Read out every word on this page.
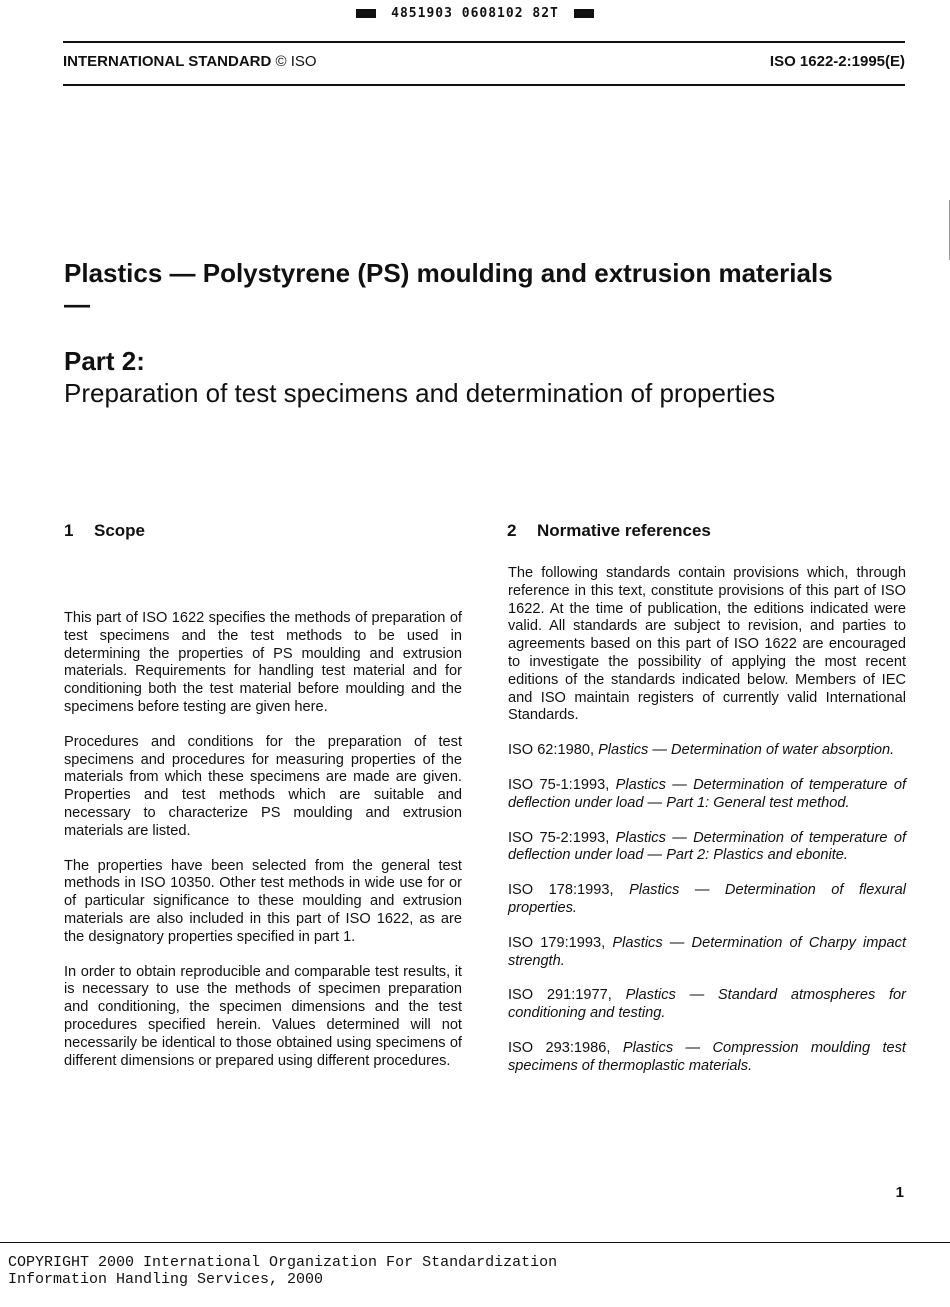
4851903 0608102 82T
INTERNATIONAL STANDARD © ISO	ISO 1622-2:1995(E)
Plastics — Polystyrene (PS) moulding and extrusion materials —
Part 2:
Preparation of test specimens and determination of properties
1 Scope

This part of ISO 1622 specifies the methods of preparation of test specimens and the test methods to be used in determining the properties of PS moulding and extrusion materials. Requirements for handling test material and for conditioning both the test material before moulding and the specimens before testing are given here.

Procedures and conditions for the preparation of test specimens and procedures for measuring properties of the materials from which these specimens are made are given. Properties and test methods which are suitable and necessary to characterize PS moulding and extrusion materials are listed.

The properties have been selected from the general test methods in ISO 10350. Other test methods in wide use for or of particular significance to these moulding and extrusion materials are also included in this part of ISO 1622, as are the designatory properties specified in part 1.

In order to obtain reproducible and comparable test results, it is necessary to use the methods of specimen preparation and conditioning, the specimen dimensions and the test procedures specified herein. Values determined will not necessarily be identical to those obtained using specimens of different dimensions or prepared using different procedures.

2 Normative references

The following standards contain provisions which, through reference in this text, constitute provisions of this part of ISO 1622. At the time of publication, the editions indicated were valid. All standards are subject to revision, and parties to agreements based on this part of ISO 1622 are encouraged to investigate the possibility of applying the most recent editions of the standards indicated below. Members of IEC and ISO maintain registers of currently valid International Standards.

ISO 62:1980, Plastics — Determination of water absorption.
ISO 75-1:1993, Plastics — Determination of temperature of deflection under load — Part 1: General test method.
ISO 75-2:1993, Plastics — Determination of temperature of deflection under load — Part 2: Plastics and ebonite.
ISO 178:1993, Plastics — Determination of flexural properties.
ISO 179:1993, Plastics — Determination of Charpy impact strength.
ISO 291:1977, Plastics — Standard atmospheres for conditioning and testing.
ISO 293:1986, Plastics — Compression moulding test specimens of thermoplastic materials.
1
COPYRIGHT 2000 International Organization For Standardization
Information Handling Services, 2000
